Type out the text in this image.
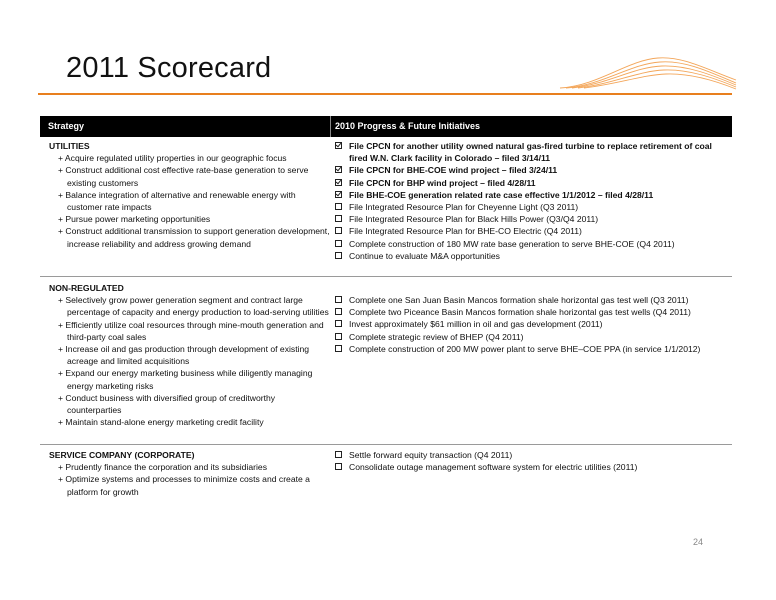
2011 Scorecard
Strategy	2010 Progress & Future Initiatives
UTILITIES
+ Acquire regulated utility properties in our geographic focus
+ Construct additional cost effective rate-base generation to serve
existing customers
+ Balance integration of alternative and renewable energy with
customer rate impacts
+ Pursue power marketing opportunities
+ Construct additional transmission to support generation development,
increase reliability and address growing demand
File CPCN for another utility owned natural gas-fired turbine to replace retirement of coal fired W.N. Clark facility in Colorado – filed 3/14/11
File CPCN for BHE-COE wind project – filed 3/24/11
File CPCN for BHP wind project – filed 4/28/11
File BHE-COE generation related rate case effective 1/1/2012 – filed 4/28/11
File Integrated Resource Plan for Cheyenne Light (Q3 2011)
File Integrated Resource Plan for Black Hills Power (Q3/Q4 2011)
File Integrated Resource Plan for BHE-CO Electric (Q4 2011)
Complete construction of 180 MW rate base generation to serve BHE-COE (Q4 2011)
Continue to evaluate M&A opportunities
NON-REGULATED
+ Selectively grow power generation segment and contract large
percentage of capacity and energy production to load-serving utilities
+ Efficiently utilize coal resources through mine-mouth generation and
third-party coal sales
+ Increase oil and gas production through development of existing
acreage and limited acquisitions
+ Expand our energy marketing business while diligently managing
energy marketing risks
+ Conduct business with diversified group of creditworthy
counterparties
+ Maintain stand-alone energy marketing credit facility
Complete one San Juan Basin Mancos formation shale horizontal gas test well (Q3 2011)
Complete two Piceance Basin Mancos formation shale horizontal gas test wells (Q4 2011)
Invest approximately $61 million in oil and gas development (2011)
Complete strategic review of BHEP (Q4 2011)
Complete construction of 200 MW power plant to serve BHE–COE PPA (in service 1/1/2012)
SERVICE COMPANY (CORPORATE)
+ Prudently finance the corporation and its subsidiaries
+ Optimize systems and processes to minimize costs and create a
platform for growth
Settle forward equity transaction (Q4 2011)
Consolidate outage management software system for electric utilities (2011)
24
